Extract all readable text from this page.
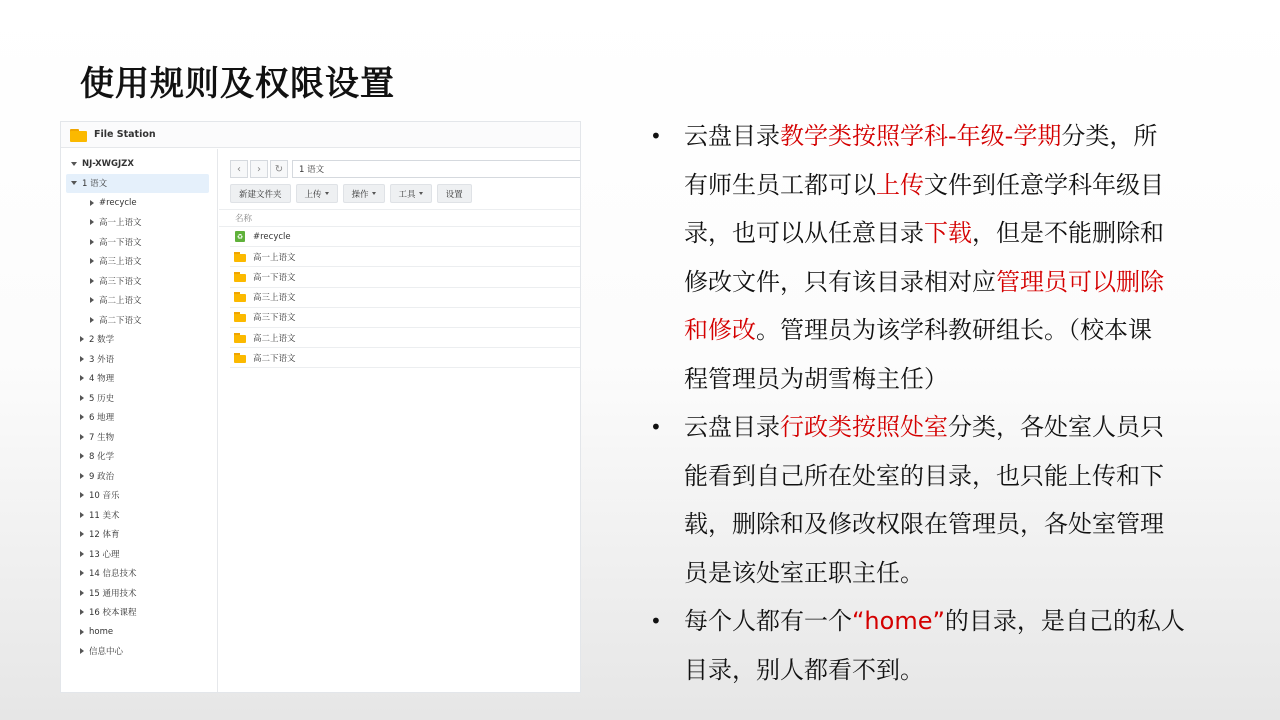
使用规则及权限设置
File Station
NJ-XWGJZX
1 语文
#recycle
高一上语文
高一下语文
高三上语文
高三下语文
高二上语文
高二下语文
2 数学
3 外语
4 物理
5 历史
6 地理
7 生物
8 化学
9 政治
10 音乐
11 美术
12 体育
13 心理
14 信息技术
15 通用技术
16 校本课程
home
信息中心
‹	›	↻	1 语文
新建文件夹	上传	操作	工具	设置
名称
♻ #recycle
高一上语文
高一下语文
高三上语文
高三下语文
高二上语文
高二下语文
• 云盘目录教学类按照学科-年级-学期分类，所
有师生员工都可以上传文件到任意学科年级目
录，也可以从任意目录下载，但是不能删除和
修改文件，只有该目录相对应管理员可以删除
和修改。管理员为该学科教研组长。（校本课
程管理员为胡雪梅主任）
• 云盘目录行政类按照处室分类，各处室人员只
能看到自己所在处室的目录，也只能上传和下
载，删除和及修改权限在管理员，各处室管理
员是该处室正职主任。
• 每个人都有一个“home”的目录，是自己的私人
目录，别人都看不到。
